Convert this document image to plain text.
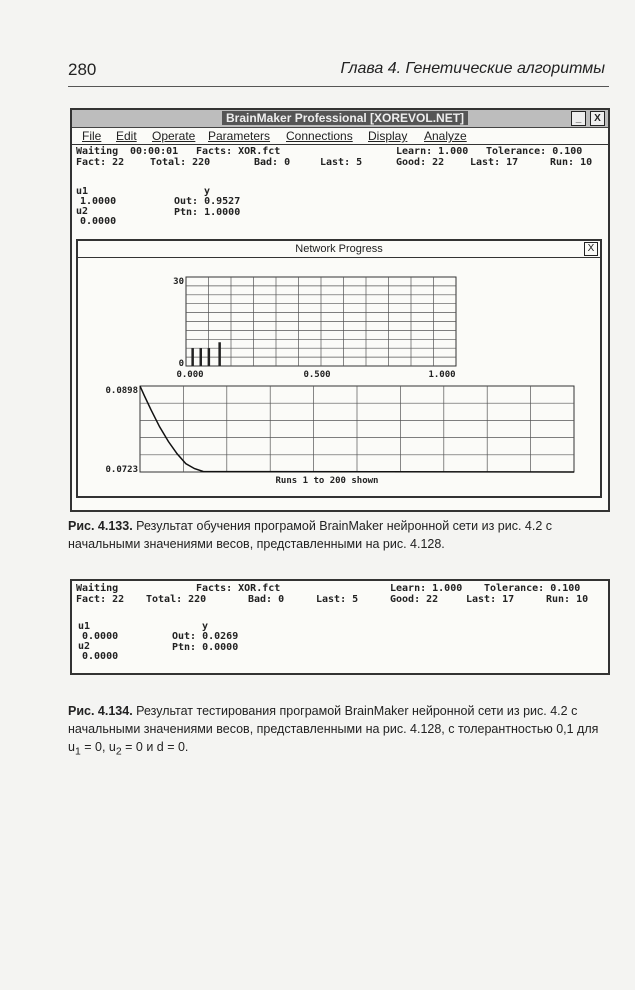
280	Глава 4. Генетические алгоритмы
BrainMaker Professional [XOREVOL.NET]	_	X
File Edit Operate Parameters Connections Display Analyze
Waiting 00:00:01 Facts: XOR.fct	Learn: 1.000 Tolerance: 0.100
Fact: 22	Total: 220	Bad: 0	Last: 5	Good: 22	Last: 17	Run: 10
u1
1.0000
u2
0.0000
y
Out: 0.9527
Ptn: 1.0000
Network Progress	X
30
0
0.000	0.500	1.000
0.0898
0.0723
Runs 1 to 200 shown
Рис. 4.133. Результат обучения програмой BrainMaker нейронной сети из рис. 4.2 с начальными значениями весов, представленными на рис. 4.128.
Waiting	Facts: XOR.fct	Learn: 1.000 Tolerance: 0.100
Fact: 22 Total: 220	Bad: 0	Last: 5	Good: 22	Last: 17	Run: 10
u1
0.0000
u2
0.0000
y
Out: 0.0269
Ptn: 0.0000
Рис. 4.134. Результат тестирования програмой BrainMaker нейронной сети из рис. 4.2 с начальными значениями весов, представленными на рис. 4.128, с толерантностью 0,1 для $u_1 = 0$, $u_2 = 0$ и d = 0.
